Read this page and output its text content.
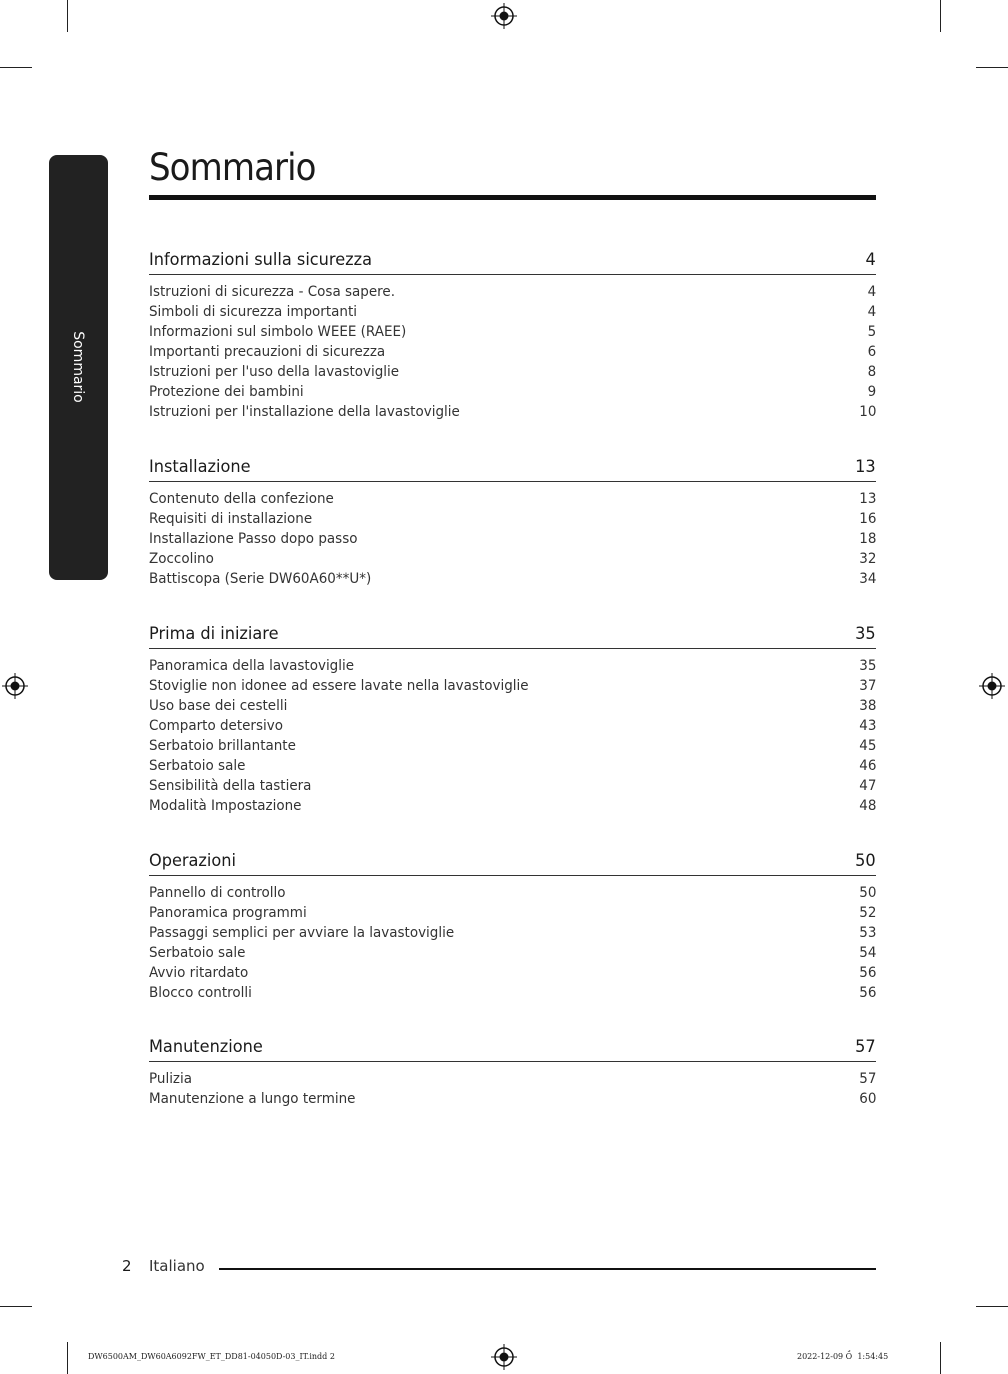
Sommario
Sommario
Informazioni sulla sicurezza	4
Istruzioni di sicurezza - Cosa sapere.	4
Simboli di sicurezza importanti	4
Informazioni sul simbolo WEEE (RAEE)	5
Importanti precauzioni di sicurezza	6
Istruzioni per l'uso della lavastoviglie	8
Protezione dei bambini	9
Istruzioni per l'installazione della lavastoviglie	10
Installazione	13
Contenuto della confezione	13
Requisiti di installazione	16
Installazione Passo dopo passo	18
Zoccolino	32
Battiscopa (Serie DW60A60**U*)	34
Prima di iniziare	35
Panoramica della lavastoviglie	35
Stoviglie non idonee ad essere lavate nella lavastoviglie	37
Uso base dei cestelli	38
Comparto detersivo	43
Serbatoio brillantante	45
Serbatoio sale	46
Sensibilità della tastiera	47
Modalità Impostazione	48
Operazioni	50
Pannello di controllo	50
Panoramica programmi	52
Passaggi semplici per avviare la lavastoviglie	53
Serbatoio sale	54
Avvio ritardato	56
Blocco controlli	56
Manutenzione	57
Pulizia	57
Manutenzione a lungo termine	60
2 Italiano
DW6500AM_DW60A6092FW_ET_DD81-04050D-03_IT.indd 2	2022-12-09 Ồ  1:54:45
